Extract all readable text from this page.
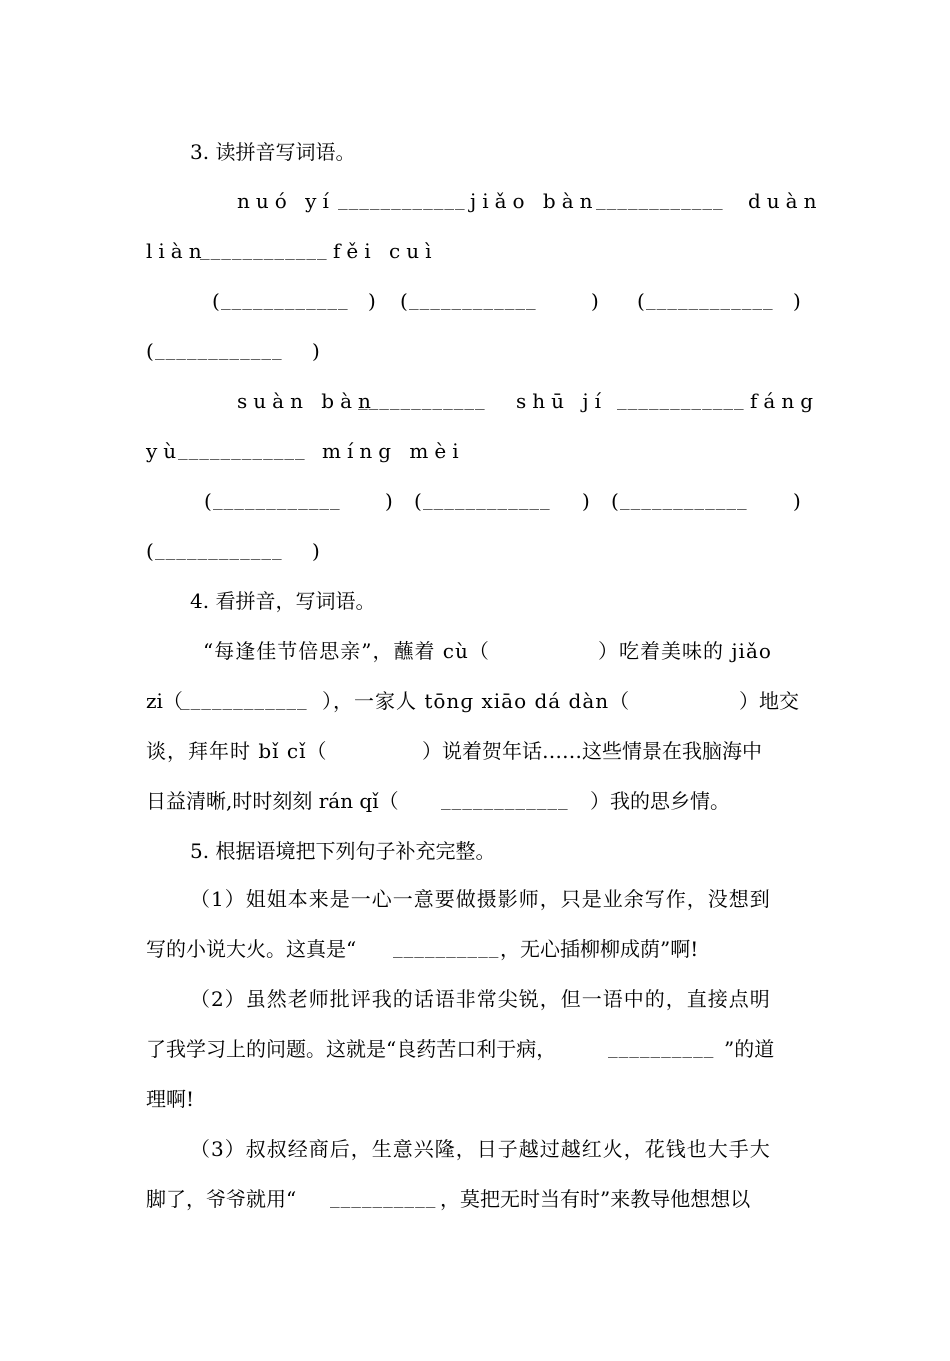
3. 读拼音写词语。

nuó yí

____________

jiǎo bàn

____________

duàn

liàn

____________

fěi cuì

(

____________

)

(

____________

	)

(

____________

)

(

____________

)

suàn bàn

____________

shū jí

____________

fáng

yù

____________

míng mèi

(

____________

)

(

____________

)

(

____________

)

(

____________

)

4. 看拼音，写词语。

“每逢佳节倍思亲”，蘸着 cù（

	）吃着美味的 jiǎo

zi（

____________

），一家人 tōnɡ xiāo dá dàn（

	）地交

谈，拜年时 bǐ cǐ（

	）说着贺年话……这些情景在我脑海中

日益清晰,时时刻刻 rán qǐ（

	____________

）我的思乡情。

5. 根据语境把下列句子补充完整。

（1）姐姐本来是一心一意要做摄影师，只是业余写作，没想到

写的小说大火。这真是“

__________

，无心插柳柳成荫”啊!

（2）虽然老师批评我的话语非常尖锐，但一语中的，直接点明

了我学习上的问题。这就是“良药苦口利于病，

	__________

”的道

理啊!

（3）叔叔经商后，生意兴隆，日子越过越红火，花钱也大手大

脚了，爷爷就用“

__________

，莫把无时当有时”来教导他想想以
